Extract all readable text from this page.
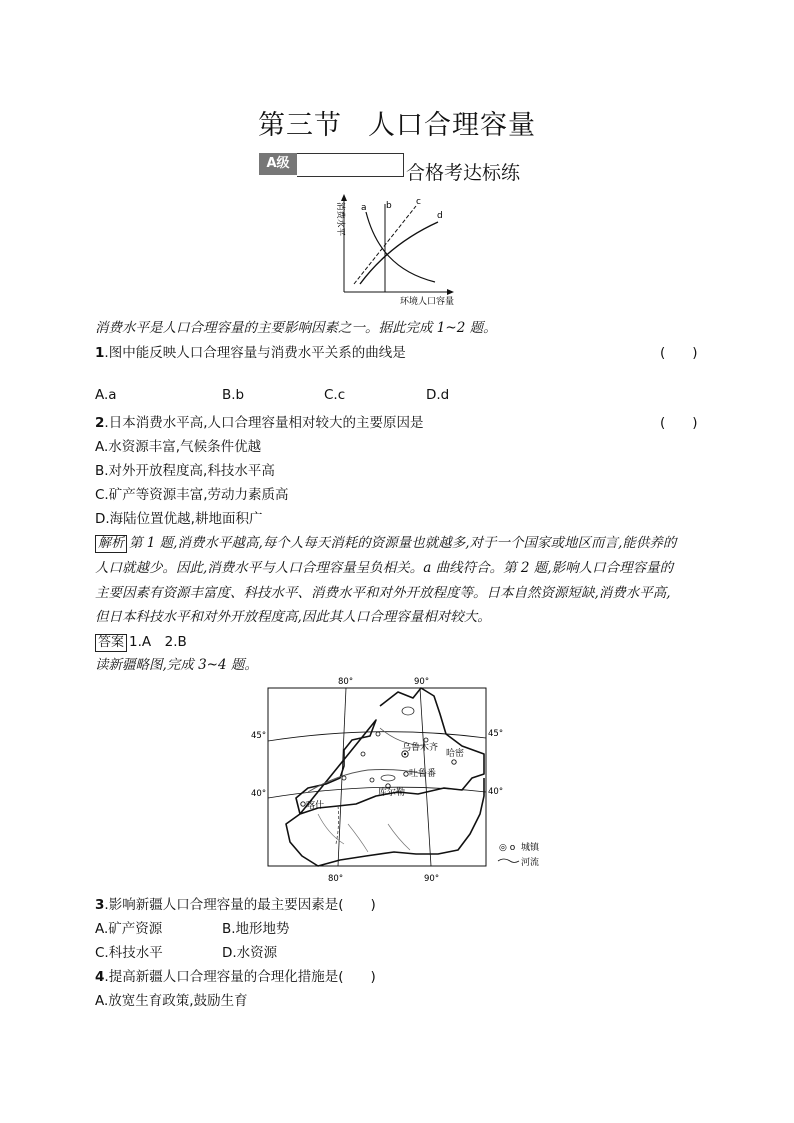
第三节 人口合理容量
A级	合格考达标练
a b	c
d
消费水平
环境人口容量
消费水平是人口合理容量的主要影响因素之一。据此完成 1~2 题。
1.图中能反映人口合理容量与消费水平关系的曲线是	(　　)
A.a	B.b	C.c	D.d
2.日本消费水平高,人口合理容量相对较大的主要原因是	(　　)
A.水资源丰富,气候条件优越
B.对外开放程度高,科技水平高
C.矿产等资源丰富,劳动力素质高
D.海陆位置优越,耕地面积广
解析 第 1 题,消费水平越高,每个人每天消耗的资源量也就越多,对于一个国家或地区而言,能供养的
人口就越少。因此,消费水平与人口合理容量呈负相关。a 曲线符合。第 2 题,影响人口合理容量的
主要因素有资源丰富度、科技水平、消费水平和对外开放程度等。日本自然资源短缺,消费水平高,
但日本科技水平和对外开放程度高,因此其人口合理容量相对较大。
答案 1.A　2.B
读新疆略图,完成 3~4 题。
80°	90°
80°	90°
45°	45°
40°	40°
乌鲁木齐
哈密
吐鲁番
库尔勒
喀什
◎ o 城镇
河流
3.影响新疆人口合理容量的最主要因素是(　　)
A.矿产资源	B.地形地势
C.科技水平	D.水资源
4.提高新疆人口合理容量的合理化措施是(　　)
A.放宽生育政策,鼓励生育
